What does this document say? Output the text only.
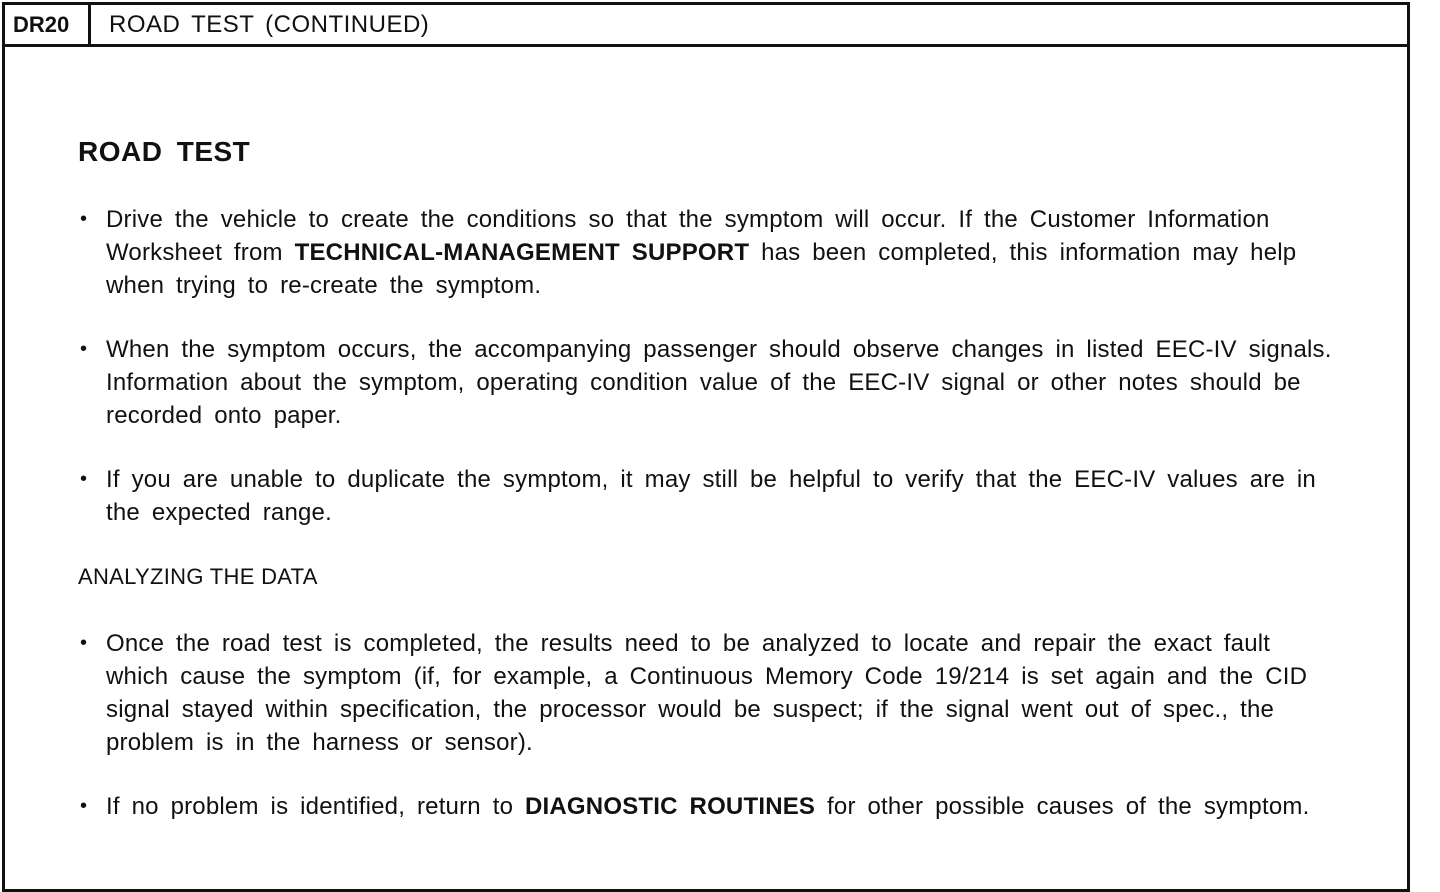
DR20	ROAD TEST (CONTINUED)
ROAD TEST
• Drive the vehicle to create the conditions so that the symptom will occur. If the Customer Information Worksheet from TECHNICAL-MANAGEMENT SUPPORT has been completed, this information may help when trying to re-create the symptom.
• When the symptom occurs, the accompanying passenger should observe changes in listed EEC-IV signals. Information about the symptom, operating condition value of the EEC-IV signal or other notes should be recorded onto paper.
• If you are unable to duplicate the symptom, it may still be helpful to verify that the EEC-IV values are in the expected range.
ANALYZING THE DATA
• Once the road test is completed, the results need to be analyzed to locate and repair the exact fault which cause the symptom (if, for example, a Continuous Memory Code 19/214 is set again and the CID signal stayed within specification, the processor would be suspect; if the signal went out of spec., the problem is in the harness or sensor).
• If no problem is identified, return to DIAGNOSTIC ROUTINES for other possible causes of the symptom.
